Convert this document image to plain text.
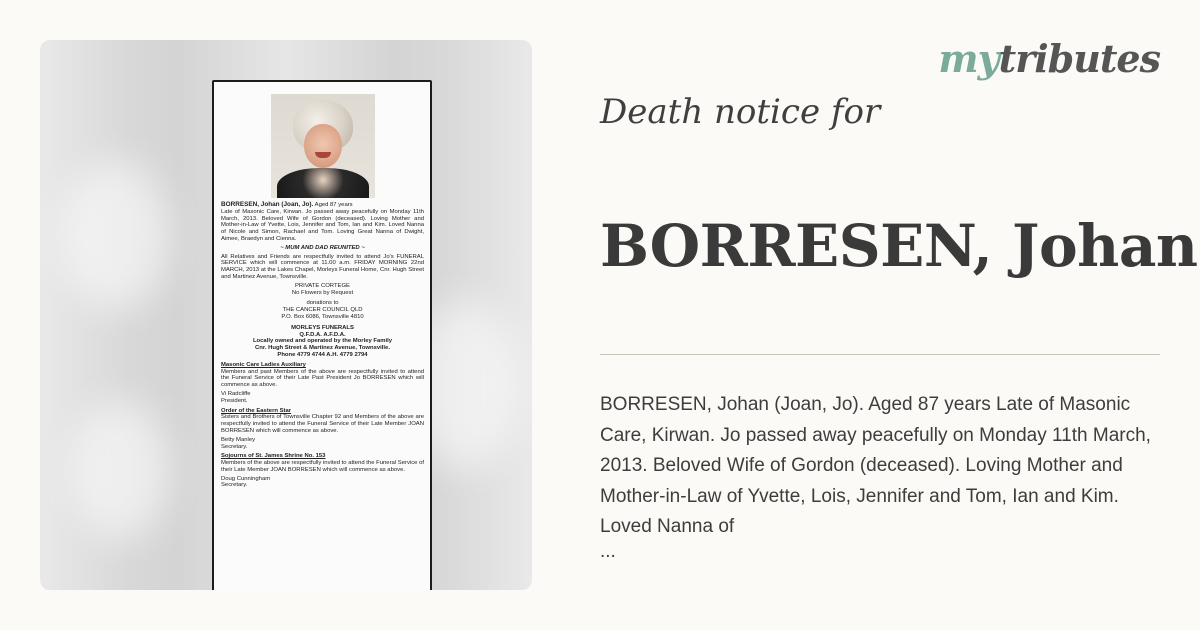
BORRESEN, Johan (Joan, Jo). Aged 87 years
Late of Masonic Care, Kirwan. Jo passed away peacefully on Monday 11th March, 2013. Beloved Wife of Gordon (deceased). Loving Mother and Mother-in-Law of Yvette, Lois, Jennifer and Tom, Ian and Kim. Loved Nanna of Nicole and Simon, Rachael and Tom. Loving Great Nanna of Dwight, Aimee, Braedyn and Cienna.
~ MUM AND DAD REUNITED ~
All Relatives and Friends are respectfully invited to attend Jo's FUNERAL SERVICE which will commence at 11.00 a.m. FRIDAY MORNING 22nd MARCH, 2013 at the Lakes Chapel, Morleys Funeral Home, Cnr. Hugh Street and Martinez Avenue, Townsville.
PRIVATE CORTEGE
No Flowers by Request
donations to
THE CANCER COUNCIL QLD
P.O. Box 6086, Townsville 4810
MORLEYS FUNERALS
Q.F.D.A. A.F.D.A.
Locally owned and operated by the Morley Family
Cnr. Hugh Street & Martinez Avenue, Townsville.
Phone 4779 4744 A.H. 4779 2794
Masonic Care Ladies Auxiliary
Members and past Members of the above are respectfully invited to attend the Funeral Service of their Late Past President Jo BORRESEN which will commence as above.
Vi Radcliffe
President.
Order of the Eastern Star
Sisters and Brothers of Townsville Chapter 92 and Members of the above are respectfully invited to attend the Funeral Service of their Late Member JOAN BORRESEN which will commence as above.
Betty Manley
Secretary.
Sojourns of St. James Shrine No. 153
Members of the above are respectfully invited to attend the Funeral Service of their Late Member JOAN BORRESEN which will commence as above.
Doug Cunningham
Secretary.
mytributes
Death notice for
BORRESEN, Johan
BORRESEN, Johan (Joan, Jo). Aged 87 years Late of Masonic Care, Kirwan. Jo passed away peacefully on Monday 11th March, 2013. Beloved Wife of Gordon (deceased). Loving Mother and Mother-in-Law of Yvette, Lois, Jennifer and Tom, Ian and Kim. Loved Nanna of
...
